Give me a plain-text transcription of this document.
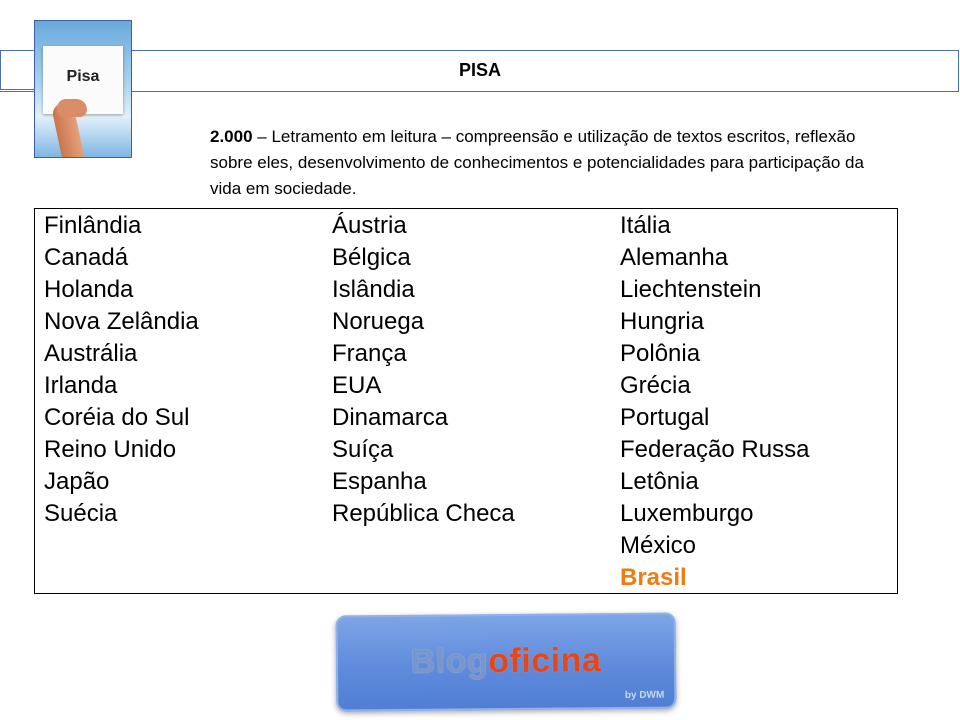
Pisa	PISA
2.000 – Letramento em leitura – compreensão e utilização de textos escritos, reflexão sobre eles, desenvolvimento de conhecimentos e potencialidades para participação da vida em sociedade.
Finlândia
Canadá
Holanda
Nova Zelândia
Austrália
Irlanda
Coréia do Sul
Reino Unido
Japão
Suécia
Áustria
Bélgica
Islândia
Noruega
França
EUA
Dinamarca
Suíça
Espanha
República Checa
Itália
Alemanha
Liechtenstein
Hungria
Polônia
Grécia
Portugal
Federação Russa
Letônia
Luxemburgo
México
Brasil
Blogoficina
by DWM
